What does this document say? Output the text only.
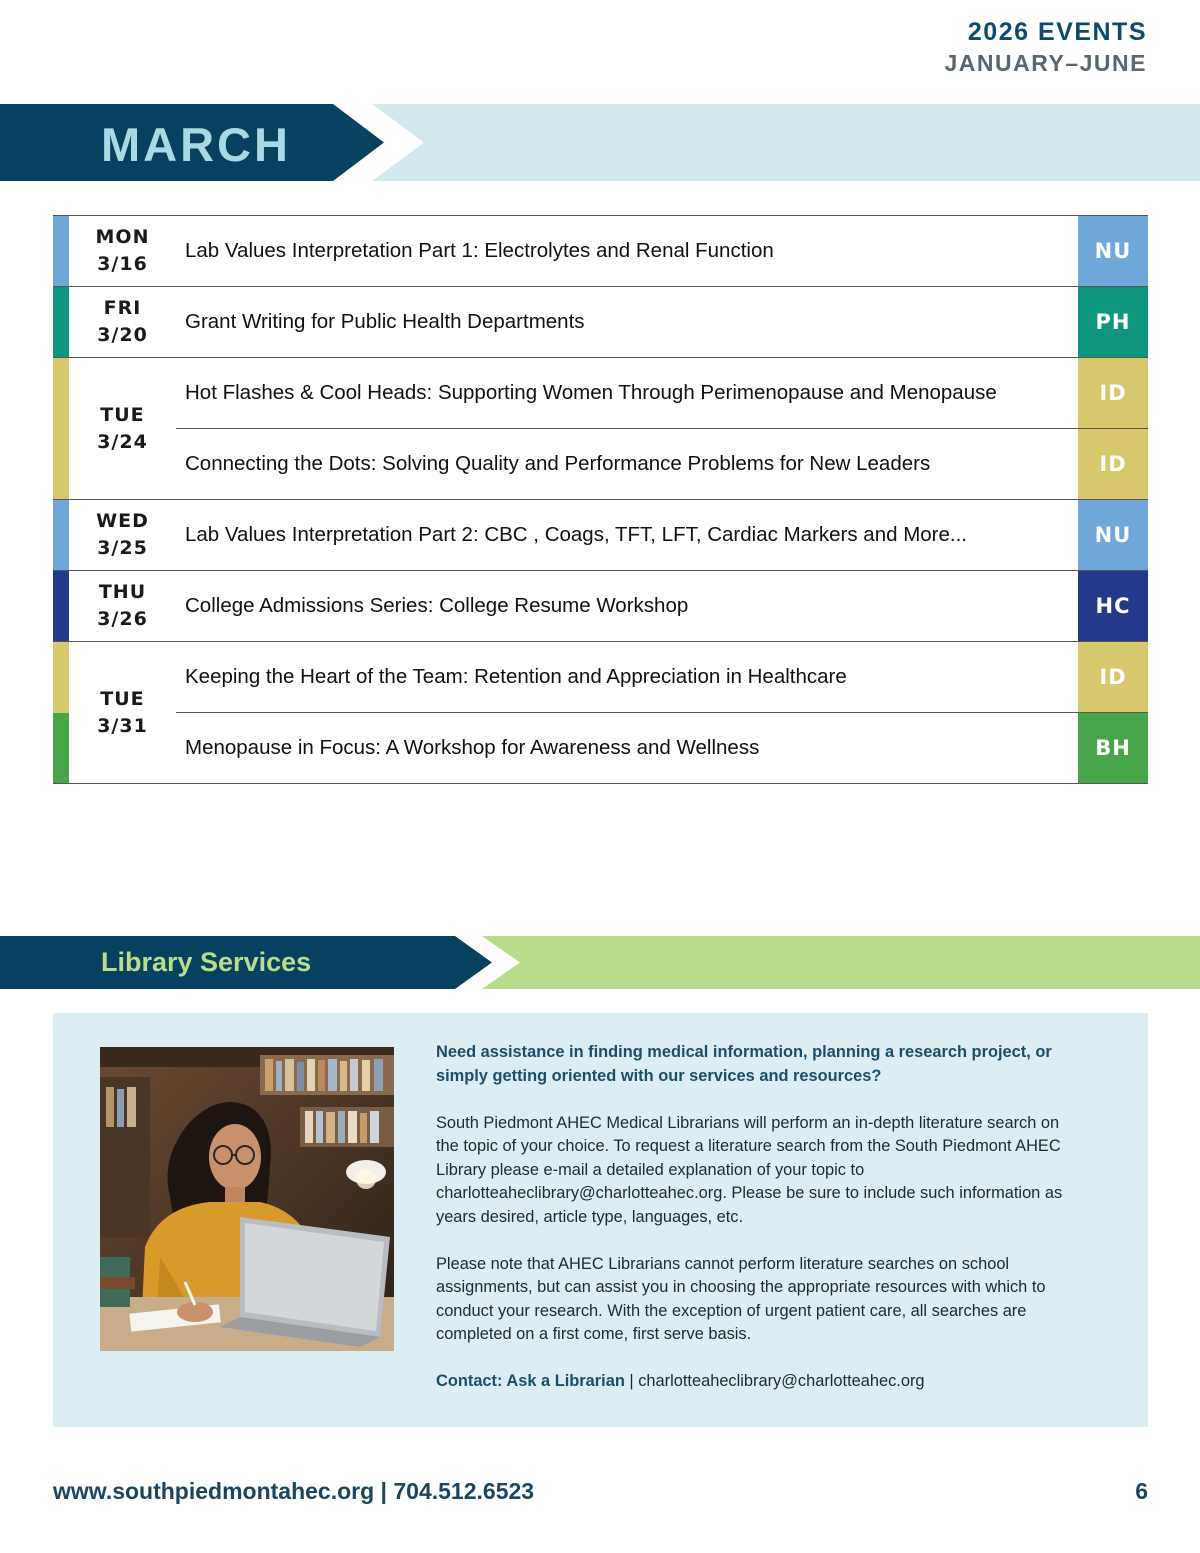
2026 EVENTS
JANUARY–JUNE
MARCH
MON
3/16
Lab Values Interpretation Part 1: Electrolytes and Renal Function	NU
FRI
3/20
Grant Writing for Public Health Departments	PH
TUE
3/24
Hot Flashes & Cool Heads: Supporting Women Through Perimenopause and Menopause	ID
Connecting the Dots: Solving Quality and Performance Problems for New Leaders	ID
WED
3/25
Lab Values Interpretation Part 2: CBC , Coags, TFT, LFT, Cardiac Markers and More...	NU
THU
3/26
College Admissions Series: College Resume Workshop	HC
TUE
3/31
Keeping the Heart of the Team: Retention and Appreciation in Healthcare	ID
Menopause in Focus: A Workshop for Awareness and Wellness	BH
Library Services

Need assistance in finding medical information, planning a research project, or simply getting oriented with our services and resources?

South Piedmont AHEC Medical Librarians will perform an in-depth literature search on the topic of your choice. To request a literature search from the South Piedmont AHEC Library please e-mail a detailed explanation of your topic to charlotteaheclibrary@charlotteahec.org. Please be sure to include such information as years desired, article type, languages, etc.

Please note that AHEC Librarians cannot perform literature searches on school assignments, but can assist you in choosing the appropriate resources with which to conduct your research. With the exception of urgent patient care, all searches are completed on a first come, first serve basis.

Contact: Ask a Librarian | charlotteaheclibrary@charlotteahec.org

www.southpiedmontahec.org | 704.512.6523	6
